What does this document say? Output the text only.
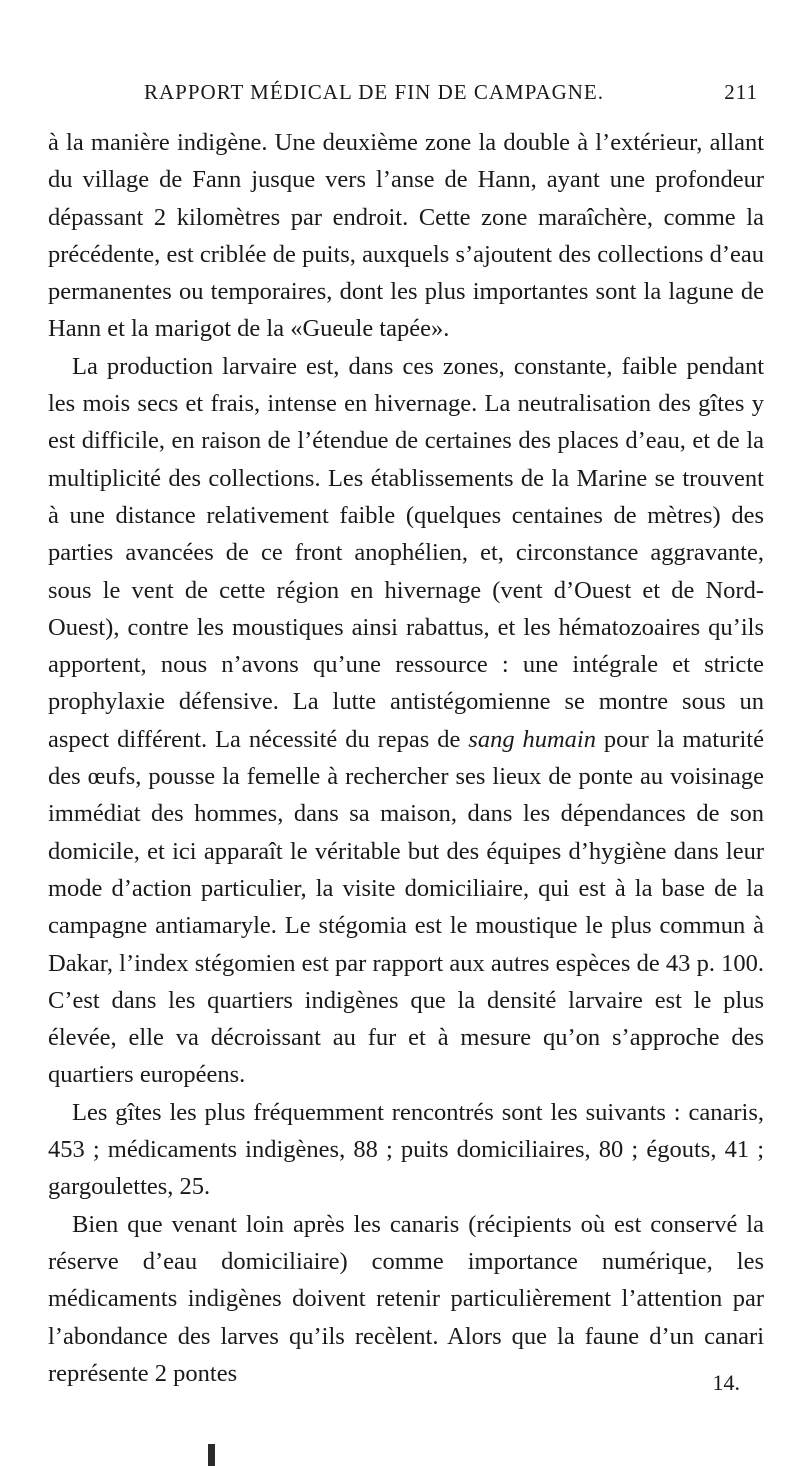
RAPPORT MÉDICAL DE FIN DE CAMPAGNE.	211

à la manière indigène. Une deuxième zone la double à l’extérieur, allant du village de Fann jusque vers l’anse de Hann, ayant une profondeur dépassant 2 kilomètres par endroit. Cette zone maraîchère, comme la précédente, est criblée de puits, auxquels s’ajoutent des collections d’eau permanentes ou temporaires, dont les plus importantes sont la lagune de Hann et la marigot de la «Gueule tapée».

La production larvaire est, dans ces zones, constante, faible pendant les mois secs et frais, intense en hivernage. La neutralisation des gîtes y est difficile, en raison de l’étendue de certaines des places d’eau, et de la multiplicité des collections. Les établissements de la Marine se trouvent à une distance relativement faible (quelques centaines de mètres) des parties avancées de ce front anophélien, et, circonstance aggravante, sous le vent de cette région en hivernage (vent d’Ouest et de Nord-Ouest), contre les moustiques ainsi rabattus, et les hématozoaires qu’ils apportent, nous n’avons qu’une ressource : une intégrale et stricte prophylaxie défensive. La lutte antistégomienne se montre sous un aspect différent. La nécessité du repas de sang humain pour la maturité des œufs, pousse la femelle à rechercher ses lieux de ponte au voisinage immédiat des hommes, dans sa maison, dans les dépendances de son domicile, et ici apparaît le véritable but des équipes d’hygiène dans leur mode d’action particulier, la visite domiciliaire, qui est à la base de la campagne antiamaryle. Le stégomia est le moustique le plus commun à Dakar, l’index stégomien est par rapport aux autres espèces de 43 p. 100. C’est dans les quartiers indigènes que la densité larvaire est le plus élevée, elle va décroissant au fur et à mesure qu’on s’approche des quartiers européens.

Les gîtes les plus fréquemment rencontrés sont les suivants : canaris, 453 ; médicaments indigènes, 88 ; puits domiciliaires, 80 ; égouts, 41 ; gargoulettes, 25.

Bien que venant loin après les canaris (récipients où est conservé la réserve d’eau domiciliaire) comme importance numérique, les médicaments indigènes doivent retenir particulièrement l’attention par l’abondance des larves qu’ils recèlent. Alors que la faune d’un canari représente 2 pontes	14.
